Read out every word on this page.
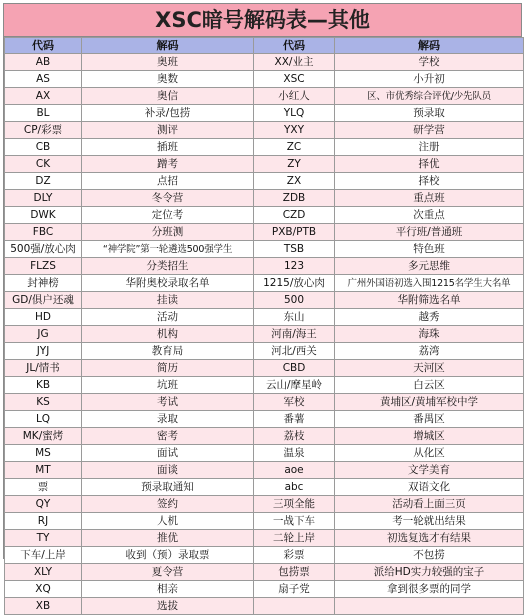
XSC暗号解码表—其他
代码	解码	代码	解码
AB	奥班	XX/业主	学校
AS	奥数	XSC	小升初
AX	奥信	小红人	区、市优秀综合评优/少先队员
BL	补录/包捞	YLQ	预录取
CP/彩票	测评	YXY	研学营
CB	插班	ZC	注册
CK	蹭考	ZY	择优
DZ	点招	ZX	择校
DLY	冬令营	ZDB	重点班
DWK	定位考	CZD	次重点
FBC	分班测	PXB/PTB	平行班/普通班
500强/放心肉	“神学院”第一轮遴选500强学生	TSB	特色班
FLZS	分类招生	123	多元思维
封神榜	华附奥校录取名单	1215/放心肉	广州外国语初选入围1215名学生大名单
GD/俱户还魂	挂读	500	华附筛选名单
HD	活动	东山	越秀
JG	机构	河南/海王	海珠
JYJ	教育局	河北/西关	荔湾
JL/情书	简历	CBD	天河区
KB	坑班	云山/摩星岭	白云区
KS	考试	军校	黄埔区/黄埔军校中学
LQ	录取	番薯	番禺区
MK/蜜烤	密考	荔枝	增城区
MS	面试	温泉	从化区
MT	面谈	aoe	文学美育
票	预录取通知	abc	双语文化
QY	签约	三项全能	活动看上面三页
RJ	人机	一战下车	考一轮就出结果
TY	推优	二轮上岸	初选复选才有结果
下车/上岸	收到（预）录取票	彩票	不包捞
XLY	夏令营	包捞票	派给HD实力较强的宝子
XQ	相亲	扇子党	拿到很多票的同学
XB	选拔		
